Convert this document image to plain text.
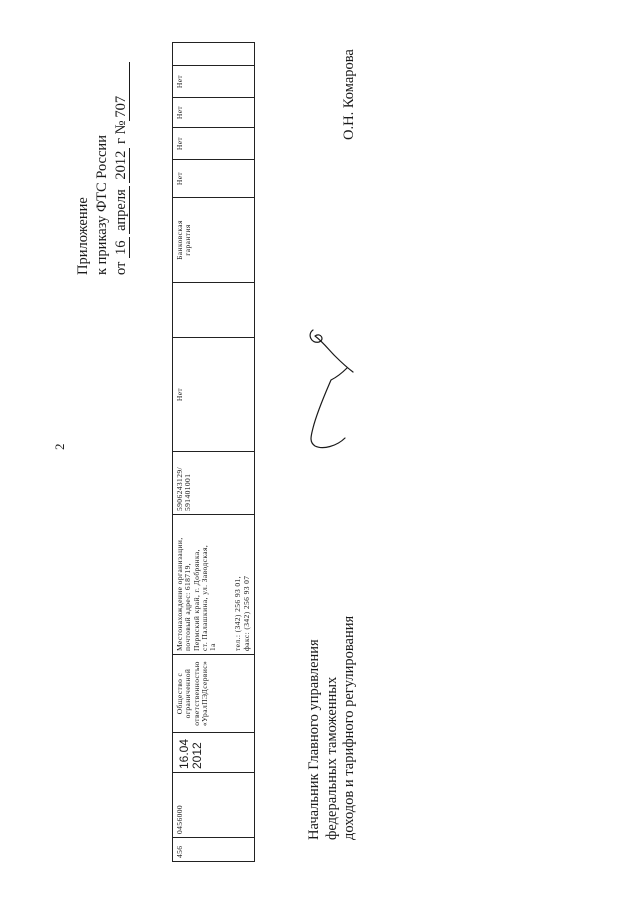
2
Приложение к приказу ФТС России от 16 апреля 2012 г №707
456
0456000
16.04 2012
Общество с ограниченной ответственностью «УралПЭДсервис»
Местонахождение организации, почтовый адрес: 618719, Пермский край, г. Добрянка, ст. Палашкина, ул. Заводская, 1а тел.: (342) 256 93 01, факс: (342) 256 93 07
5906243129/ 591401001
Нет
Банковская гарантия
Нет
Нет
Нет
Нет
Начальник Главного управления федеральных таможенных доходов и тарифного регулирования
О.Н. Комарова
